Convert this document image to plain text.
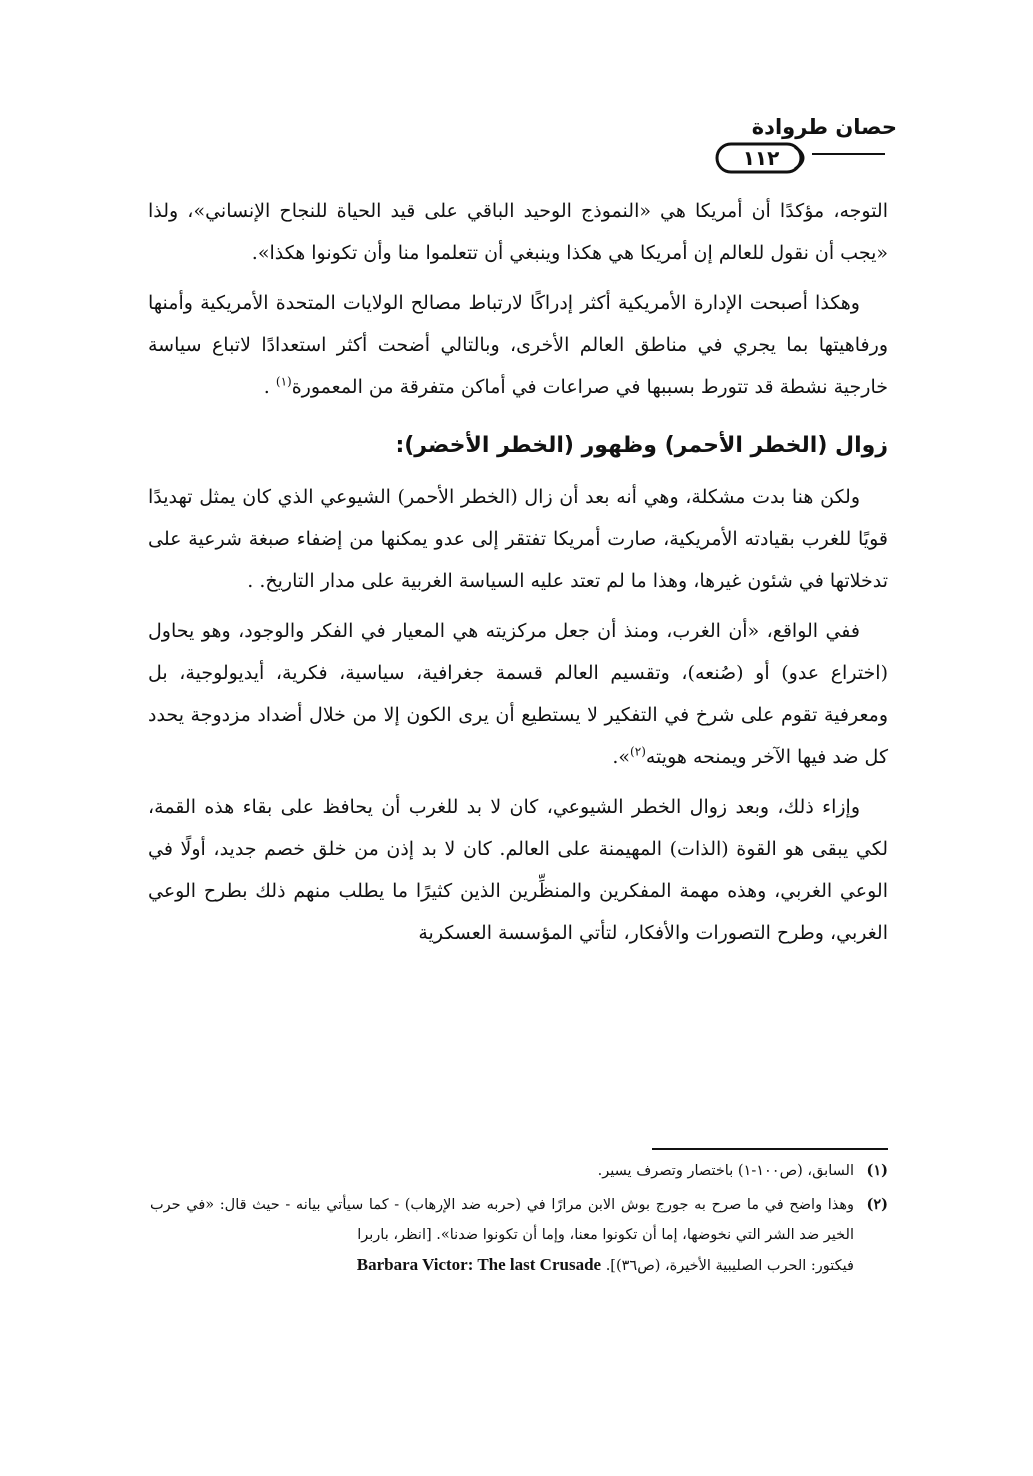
حصان طروادة
١١٢

التوجه، مؤكدًا أن أمريكا هي «النموذج الوحيد الباقي على قيد الحياة للنجاح الإنساني»، ولذا «يجب أن نقول للعالم إن أمريكا هي هكذا وينبغي أن تتعلموا منا وأن تكونوا هكذا».

وهكذا أصبحت الإدارة الأمريكية أكثر إدراكًا لارتباط مصالح الولايات المتحدة الأمريكية وأمنها ورفاهيتها بما يجري في مناطق العالم الأخرى، وبالتالي أضحت أكثر استعدادًا لاتباع سياسة خارجية نشطة قد تتورط بسببها في صراعات في أماكن متفرقة من المعمورة$^{(١)}$ .

زوال (الخطر الأحمر) وظهور (الخطر الأخضر):

ولكن هنا بدت مشكلة، وهي أنه بعد أن زال (الخطر الأحمر) الشيوعي الذي كان يمثل تهديدًا قويًا للغرب بقيادته الأمريكية، صارت أمريكا تفتقر إلى عدو يمكنها من إضفاء صبغة شرعية على تدخلاتها في شئون غيرها، وهذا ما لم تعتد عليه السياسة الغربية على مدار التاريخ. .

ففي الواقع، «أن الغرب، ومنذ أن جعل مركزيته هي المعيار في الفكر والوجود، وهو يحاول (اختراع عدو) أو (صُنعه)، وتقسيم العالم قسمة جغرافية، سياسية، فكرية، أيديولوجية، بل ومعرفية تقوم على شرخ في التفكير لا يستطيع أن يرى الكون إلا من خلال أضداد مزدوجة يحدد كل ضد فيها الآخر ويمنحه هويته$^{(٢)}$».

وإزاء ذلك، وبعد زوال الخطر الشيوعي، كان لا بد للغرب أن يحافظ على بقاء هذه القمة، لكي يبقى هو القوة (الذات) المهيمنة على العالم. كان لا بد إذن من خلق خصم جديد، أولًا في الوعي الغربي، وهذه مهمة المفكرين والمنظِّرين الذين كثيرًا ما يطلب منهم ذلك بطرح الوعي الغربي، وطرح التصورات والأفكار، لتأتي المؤسسة العسكرية

(١)
السابق، (ص١٠٠-١) باختصار وتصرف يسير.
(٢)
وهذا واضح في ما صرح به جورج بوش الابن مرارًا في (حربه ضد الإرهاب) - كما سيأتي بيانه - حيث قال: «في حرب الخير ضد الشر التي نخوضها، إما أن تكونوا معنا، وإما أن تكونوا ضدنا». [انظر، باربرا
فيكتور: الحرب الصليبية الأخيرة، (ص٣٦)]. Barbara Victor: The last Crusade
